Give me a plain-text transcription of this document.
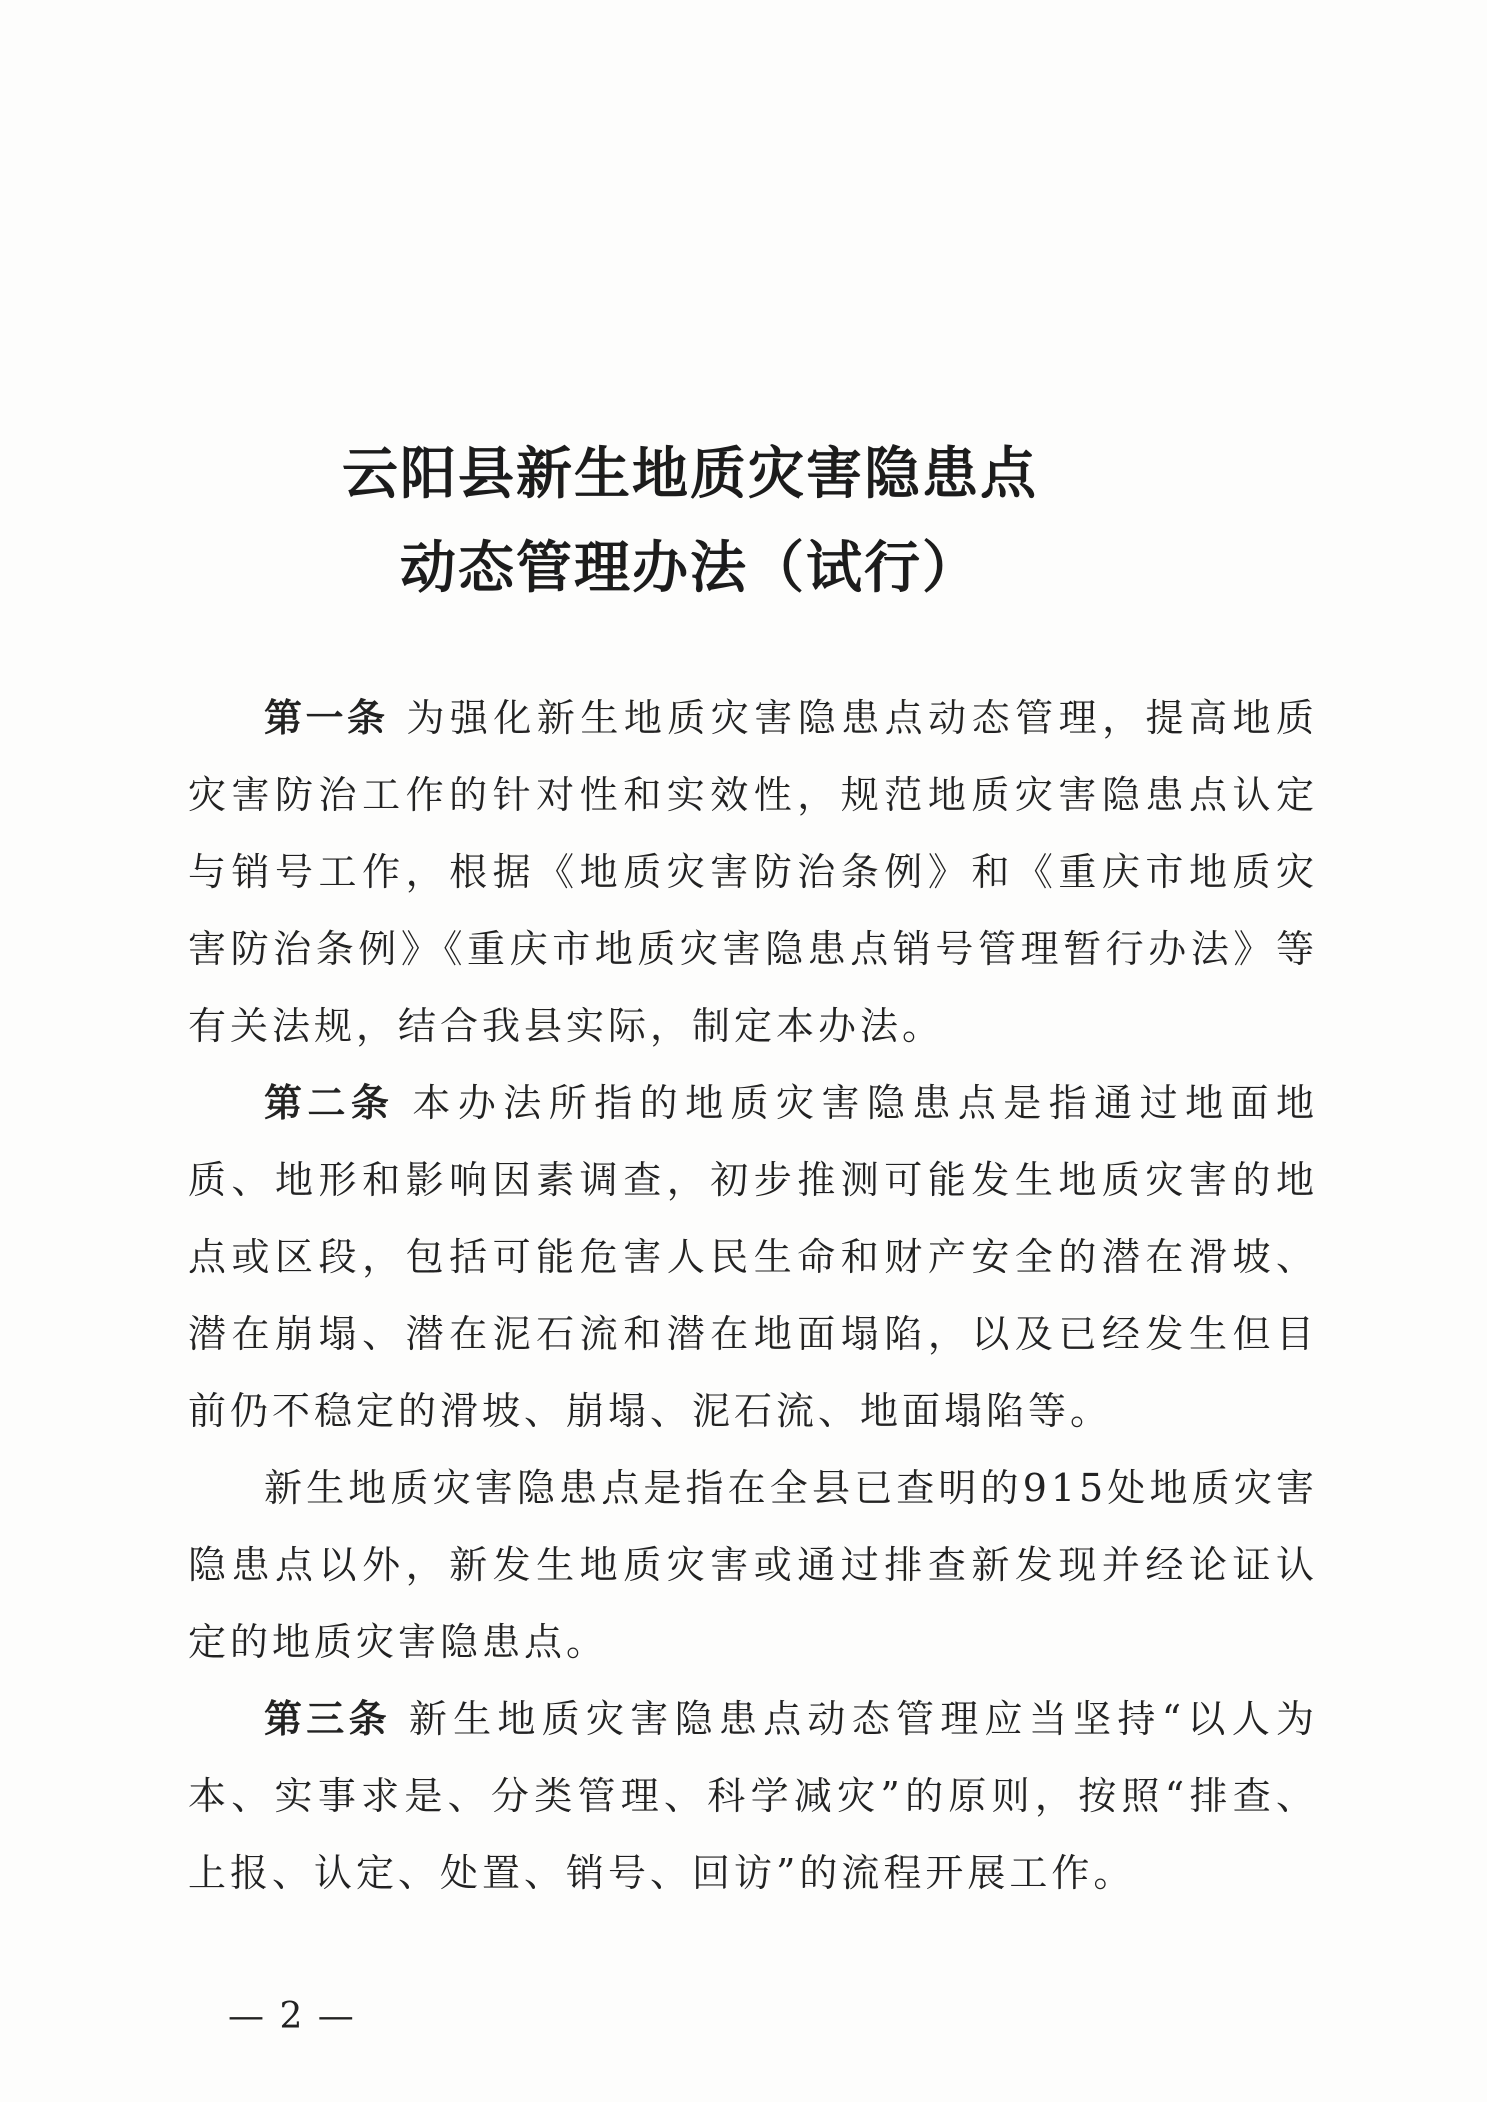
云阳县新生地质灾害隐患点
动态管理办法（试行）

第一条 为强化新生地质灾害隐患点动态管理，提高地质灾害防治工作的针对性和实效性，规范地质灾害隐患点认定与销号工作，根据《地质灾害防治条例》和《重庆市地质灾害防治条例》《重庆市地质灾害隐患点销号管理暂行办法》等有关法规，结合我县实际，制定本办法。

第二条 本办法所指的地质灾害隐患点是指通过地面地质、地形和影响因素调查，初步推测可能发生地质灾害的地点或区段，包括可能危害人民生命和财产安全的潜在滑坡、潜在崩塌、潜在泥石流和潜在地面塌陷，以及已经发生但目前仍不稳定的滑坡、崩塌、泥石流、地面塌陷等。

新生地质灾害隐患点是指在全县已查明的915处地质灾害隐患点以外，新发生地质灾害或通过排查新发现并经论证认定的地质灾害隐患点。

第三条 新生地质灾害隐患点动态管理应当坚持“以人为本、实事求是、分类管理、科学减灾”的原则，按照“排查、上报、认定、处置、销号、回访”的流程开展工作。

— 2 —
